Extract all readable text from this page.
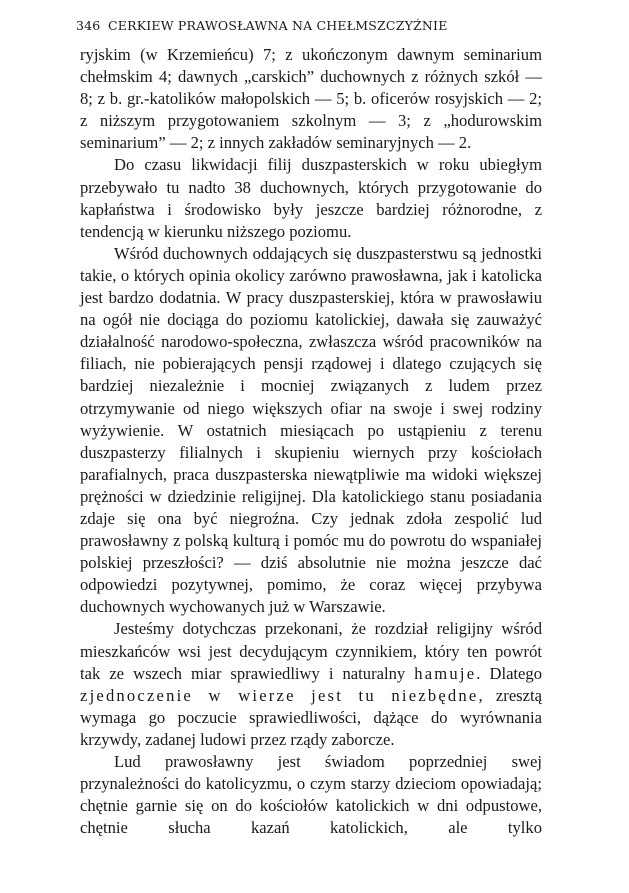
346 CERKIEW PRAWOSŁAWNA NA CHEŁMSZCZYŹNIE

ryjskim (w Krzemieńcu) 7; z ukończonym dawnym seminarium chełmskim 4; dawnych „carskich” duchownych z różnych szkół — 8; z b. gr.-katolików małopolskich — 5; b. oficerów rosyjskich — 2; z niższym przygotowaniem szkolnym — 3; z „hodurowskim seminarium” — 2; z innych zakładów seminaryjnych — 2.

Do czasu likwidacji filij duszpasterskich w roku ubiegłym przebywało tu nadto 38 duchownych, których przygotowanie do kapłaństwa i środowisko były jeszcze bardziej różnorodne, z tendencją w kierunku niższego poziomu.

Wśród duchownych oddających się duszpasterstwu są jednostki takie, o których opinia okolicy zarówno prawosławna, jak i katolicka jest bardzo dodatnia. W pracy duszpasterskiej, która w prawosławiu na ogół nie dociąga do poziomu katolickiej, dawała się zauważyć działalność narodowo-społeczna, zwłaszcza wśród pracowników na filiach, nie pobierających pensji rządowej i dlatego czujących się bardziej niezależnie i mocniej związanych z ludem przez otrzymywanie od niego większych ofiar na swoje i swej rodziny wyżywienie. W ostatnich miesiącach po ustąpieniu z terenu duszpasterzy filialnych i skupieniu wiernych przy kościołach parafialnych, praca duszpasterska niewątpliwie ma widoki większej prężności w dziedzinie religijnej. Dla katolickiego stanu posiadania zdaje się ona być niegroźna. Czy jednak zdoła zespolić lud prawosławny z polską kulturą i pomóc mu do powrotu do wspaniałej polskiej przeszłości? — dziś absolutnie nie można jeszcze dać odpowiedzi pozytywnej, pomimo, że coraz więcej przybywa duchownych wychowanych już w Warszawie.

Jesteśmy dotychczas przekonani, że rozdział religijny wśród mieszkańców wsi jest decydującym czynnikiem, który ten powrót tak ze wszech miar sprawiedliwy i naturalny hamuje. Dlatego zjednoczenie w wierze jest tu niezbędne, zresztą wymaga go poczucie sprawiedliwości, dążące do wyrównania krzywdy, zadanej ludowi przez rządy zaborcze.

Lud prawosławny jest świadom poprzedniej swej przynależności do katolicyzmu, o czym starzy dzieciom opowiadają; chętnie garnie się on do kościołów katolickich w dni odpustowe, chętnie słucha kazań katolickich, ale tylko
